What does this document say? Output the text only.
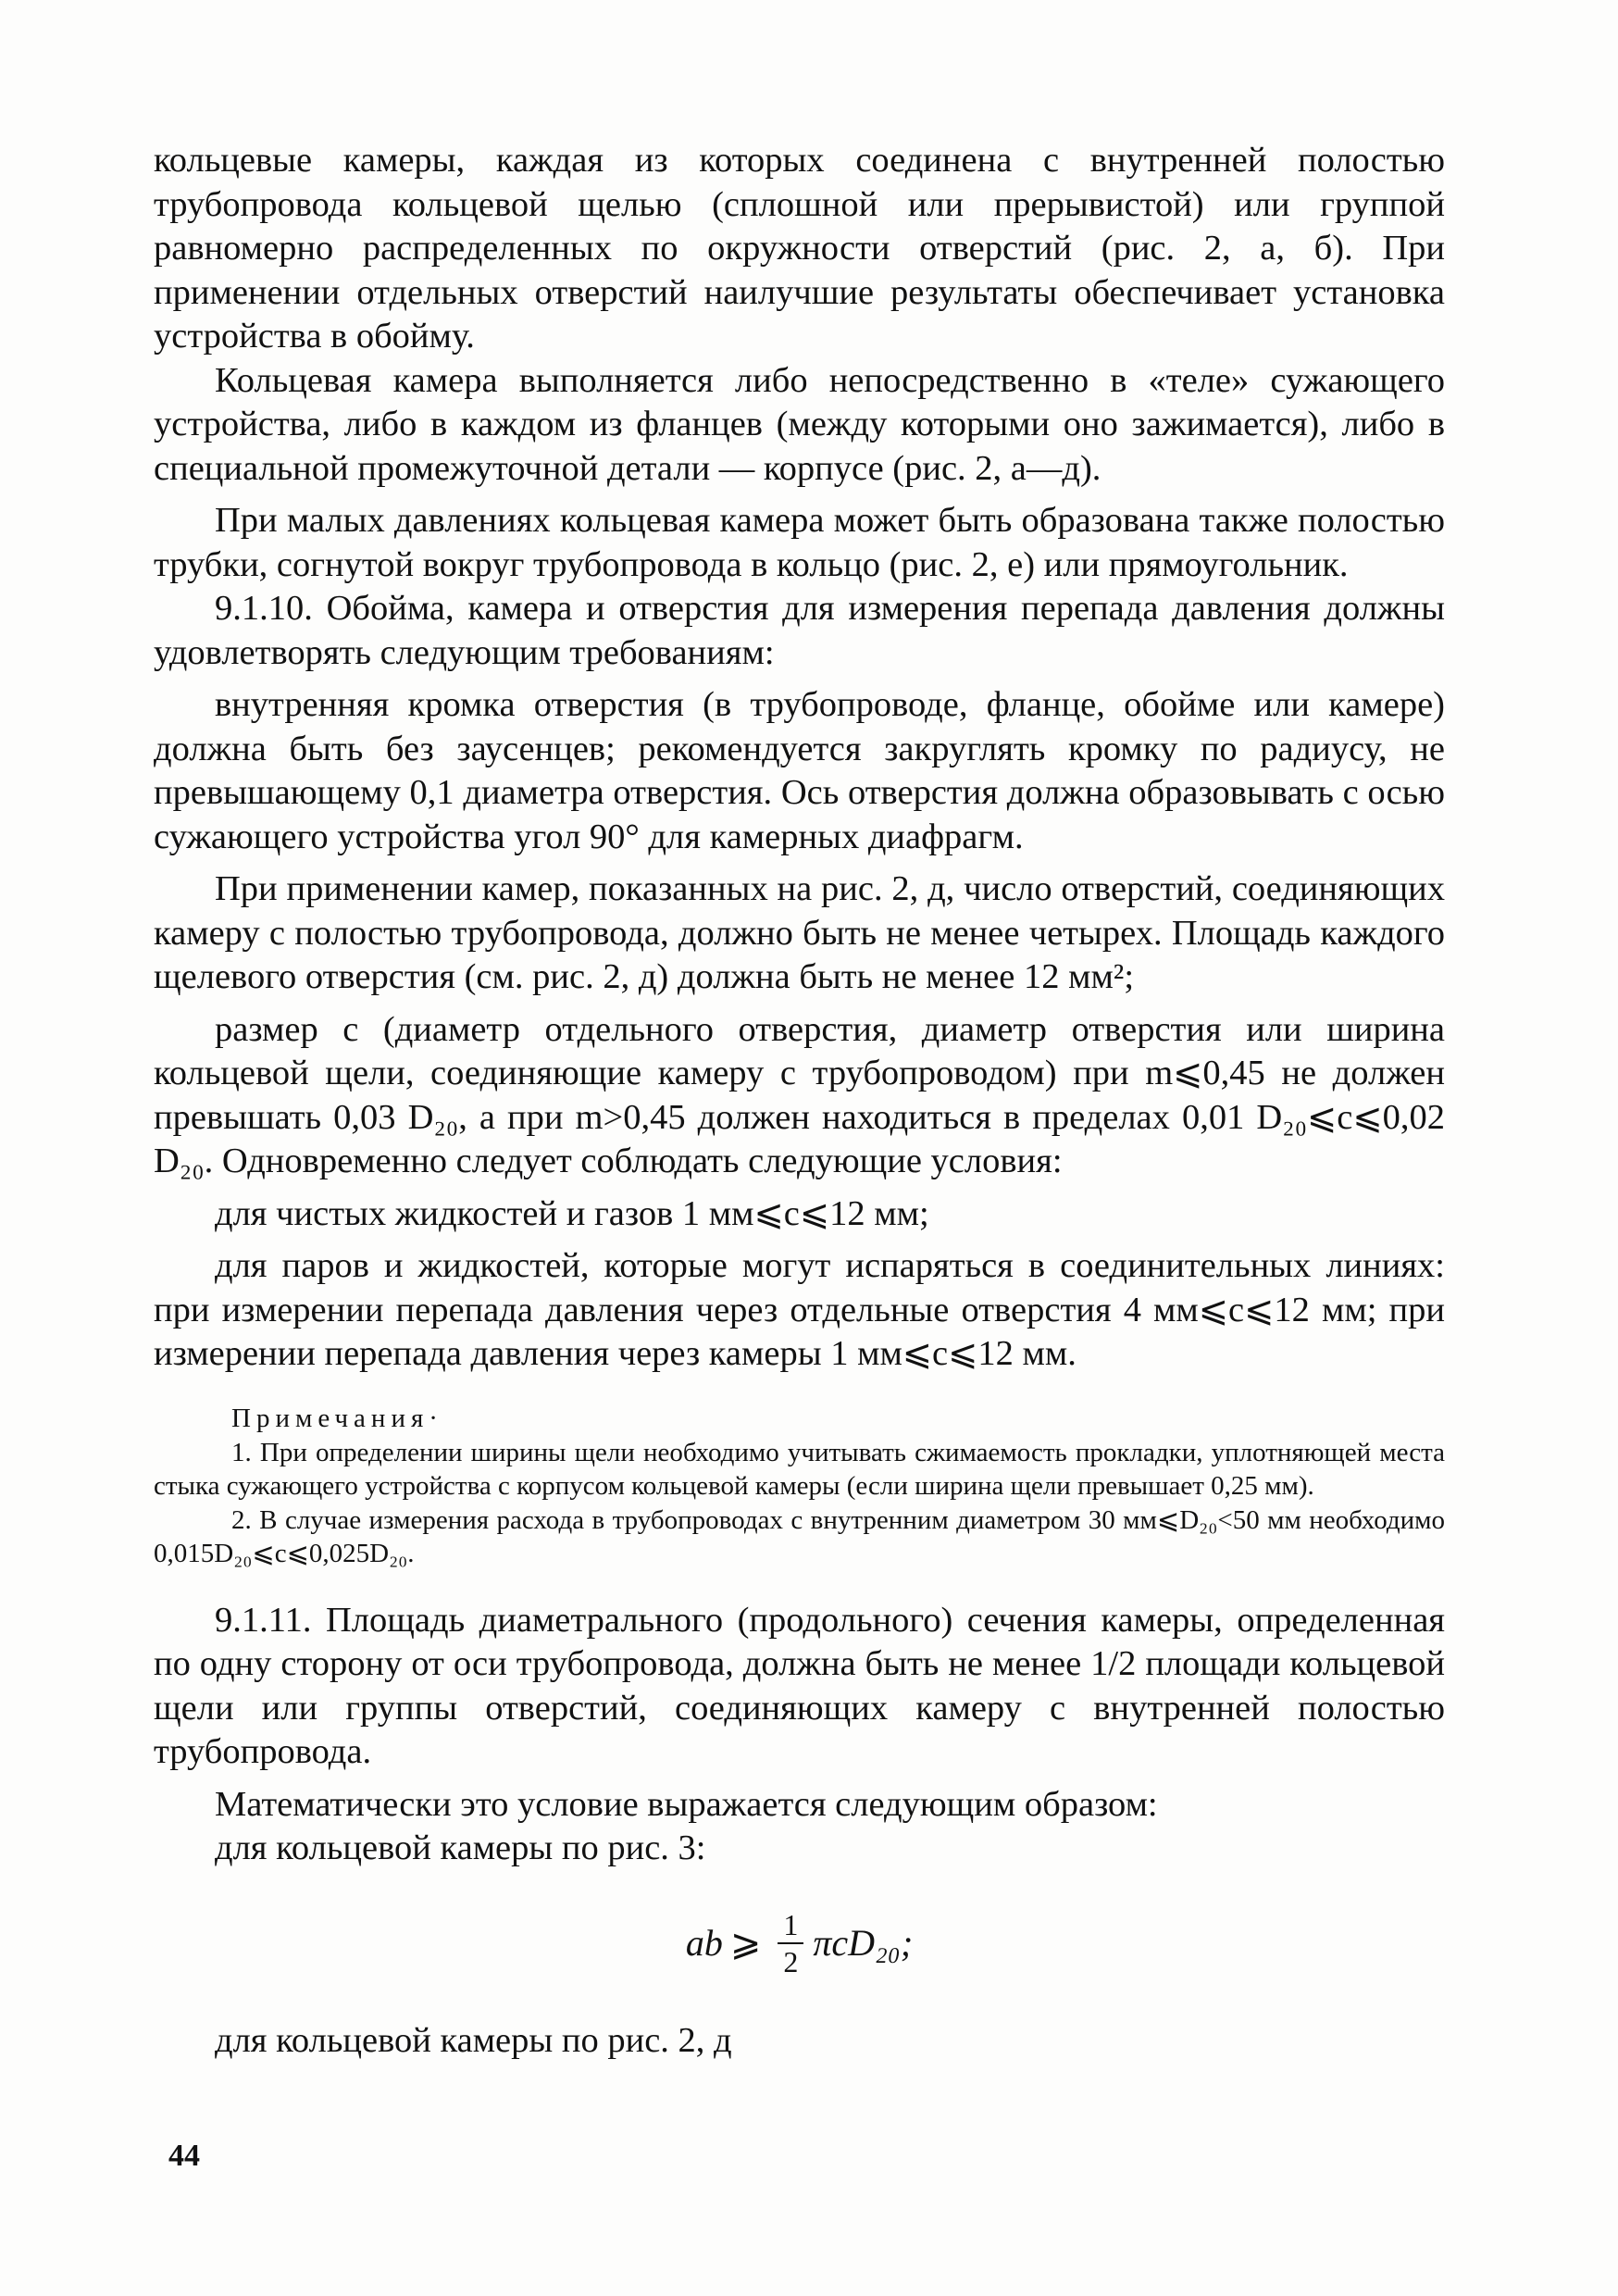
кольцевые камеры, каждая из которых соединена с внутренней полостью трубопровода кольцевой щелью (сплошной или прерывистой) или группой равномерно распределенных по окружности отверстий (рис. 2, а, б). При применении отдельных отверстий наилучшие результаты обеспечивает установка устройства в обойму.

Кольцевая камера выполняется либо непосредственно в «теле» сужающего устройства, либо в каждом из фланцев (между которыми оно зажимается), либо в специальной промежуточной детали — корпусе (рис. 2, а—д).

При малых давлениях кольцевая камера может быть образована также полостью трубки, согнутой вокруг трубопровода в кольцо (рис. 2, е) или прямоугольник.

9.1.10. Обойма, камера и отверстия для измерения перепада давления должны удовлетворять следующим требованиям:

внутренняя кромка отверстия (в трубопроводе, фланце, обойме или камере) должна быть без заусенцев; рекомендуется закруглять кромку по радиусу, не превышающему 0,1 диаметра отверстия. Ось отверстия должна образовывать с осью сужающего устройства угол 90° для камерных диафрагм.

При применении камер, показанных на рис. 2, д, число отверстий, соединяющих камеру с полостью трубопровода, должно быть не менее четырех. Площадь каждого щелевого отверстия (см. рис. 2, д) должна быть не менее 12 мм²;

размер с (диаметр отдельного отверстия, диаметр отверстия или ширина кольцевой щели, соединяющие камеру с трубопроводом) при m⩽0,45 не должен превышать 0,03 D₂₀, а при m>0,45 должен находиться в пределах 0,01 D₂₀⩽c⩽0,02 D₂₀. Одновременно следует соблюдать следующие условия:

для чистых жидкостей и газов 1 мм⩽c⩽12 мм;

для паров и жидкостей, которые могут испаряться в соединительных линиях: при измерении перепада давления через отдельные отверстия 4 мм⩽c⩽12 мм; при измерении перепада давления через камеры 1 мм⩽c⩽12 мм.

Примечания·

1. При определении ширины щели необходимо учитывать сжимаемость прокладки, уплотняющей места стыка сужающего устройства с корпусом кольцевой камеры (если ширина щели превышает 0,25 мм).

2. В случае измерения расхода в трубопроводах с внутренним диаметром 30 мм⩽D₂₀<50 мм необходимо 0,015D₂₀⩽c⩽0,025D₂₀.

9.1.11. Площадь диаметрального (продольного) сечения камеры, определенная по одну сторону от оси трубопровода, должна быть не менее 1/2 площади кольцевой щели или группы отверстий, соединяющих камеру с внутренней полостью трубопровода.

Математически это условие выражается следующим образом:

для кольцевой камеры по рис. 3:

ab ⩾ $\frac{1}{2} \pi cD_{20}$ ;

для кольцевой камеры по рис. 2, д

44
